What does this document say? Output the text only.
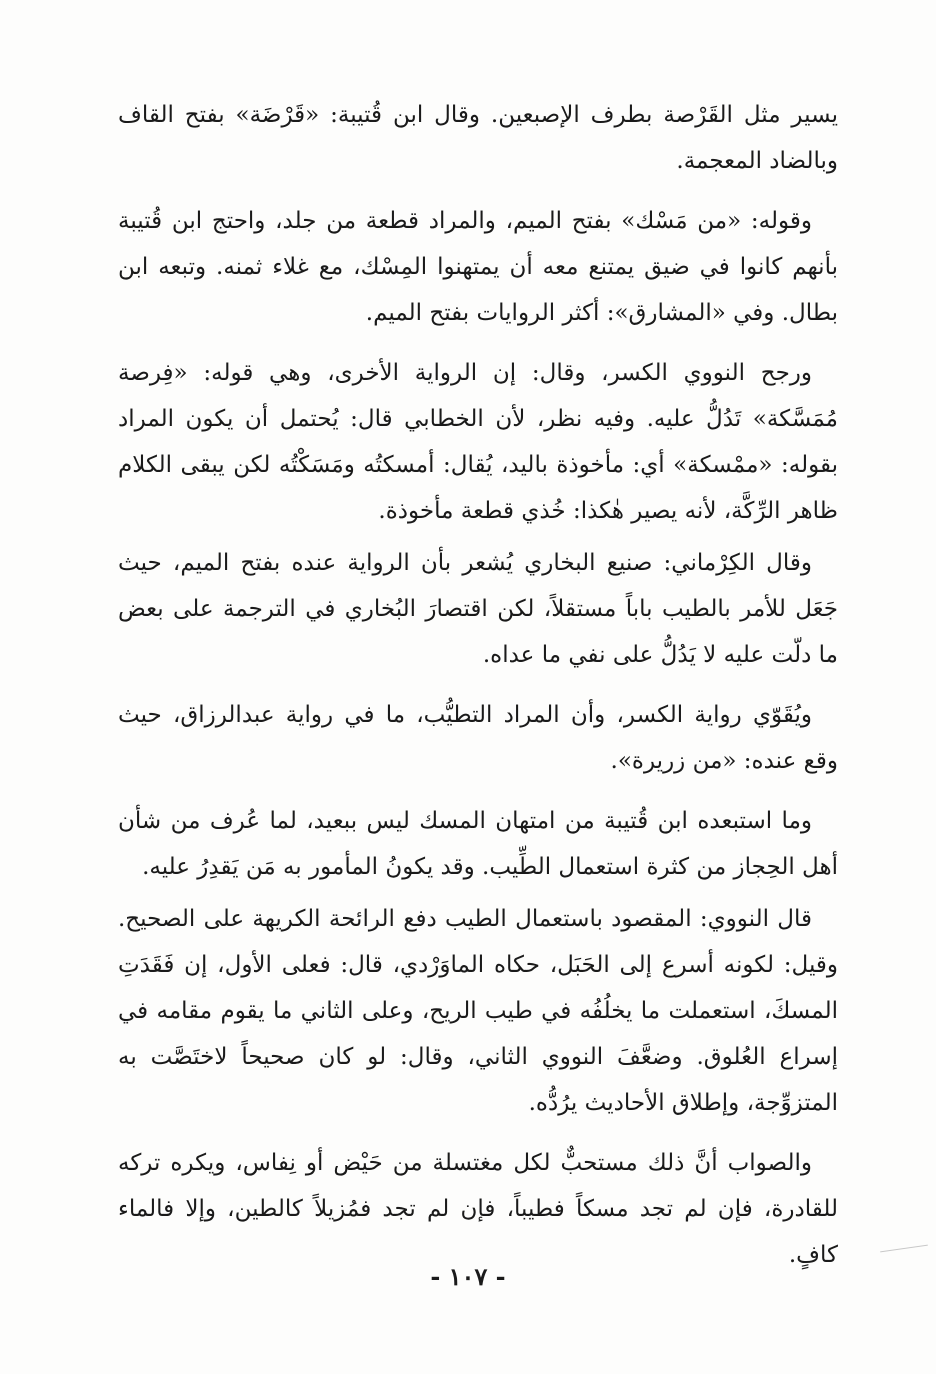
يسير مثل القَرْصة بطرف الإصبعين. وقال ابن قُتيبة: «قَرْضَة» بفتح القاف وبالضاد المعجمة.

وقوله: «من مَسْك» بفتح الميم، والمراد قطعة من جلد، واحتج ابن قُتيبة بأنهم كانوا في ضيق يمتنع معه أن يمتهنوا المِسْك، مع غلاء ثمنه. وتبعه ابن بطال. وفي «المشارق»: أكثر الروايات بفتح الميم.

ورجح النووي الكسر، وقال: إن الرواية الأخرى، وهي قوله: «فِرصة مُمَسَّكة» تَدُلُّ عليه. وفيه نظر، لأن الخطابي قال: يُحتمل أن يكون المراد بقوله: «ممْسكة» أي: مأخوذة باليد، يُقال: أمسكتُه ومَسَكْتُه لكن يبقى الكلام ظاهر الرِّكَّة، لأنه يصير هٰكذا: خُذي قطعة مأخوذة.

وقال الكِرْماني: صنيع البخاري يُشعر بأن الرواية عنده بفتح الميم، حيث جَعَل للأمر بالطيب باباً مستقلاً، لكن اقتصارَ البُخاري في الترجمة على بعض ما دلّت عليه لا يَدُلُّ على نفي ما عداه.

ويُقَوّي رواية الكسر، وأن المراد التطيُّب، ما في رواية عبدالرزاق، حيث وقع عنده: «من زريرة».

وما استبعده ابن قُتيبة من امتهان المسك ليس ببعيد، لما عُرف من شأن أهل الحِجاز من كثرة استعمال الطِّيب. وقد يكونُ المأمور به مَن يَقدِرُ عليه.

قال النووي: المقصود باستعمال الطيب دفع الرائحة الكريهة على الصحيح. وقيل: لكونه أسرع إلى الحَبَل، حكاه الماوَرْدي، قال: فعلى الأول، إن فَقَدَتِ المسكَ، استعملت ما يخلُفُه في طيب الريح، وعلى الثاني ما يقوم مقامه في إسراع العُلوق. وضعَّفَ النووي الثاني، وقال: لو كان صحيحاً لاختَصَّت به المتزوِّجة، وإطلاق الأحاديث يرُدُّه.

والصواب أنَّ ذلك مستحبٌّ لكل مغتسلة من حَيْض أو نِفاس، ويكره تركه للقادرة، فإن لم تجد مسكاً فطيباً، فإن لم تجد فمُزيلاً كالطين، وإلا فالماء كافٍ.

- ١٠٧ -
